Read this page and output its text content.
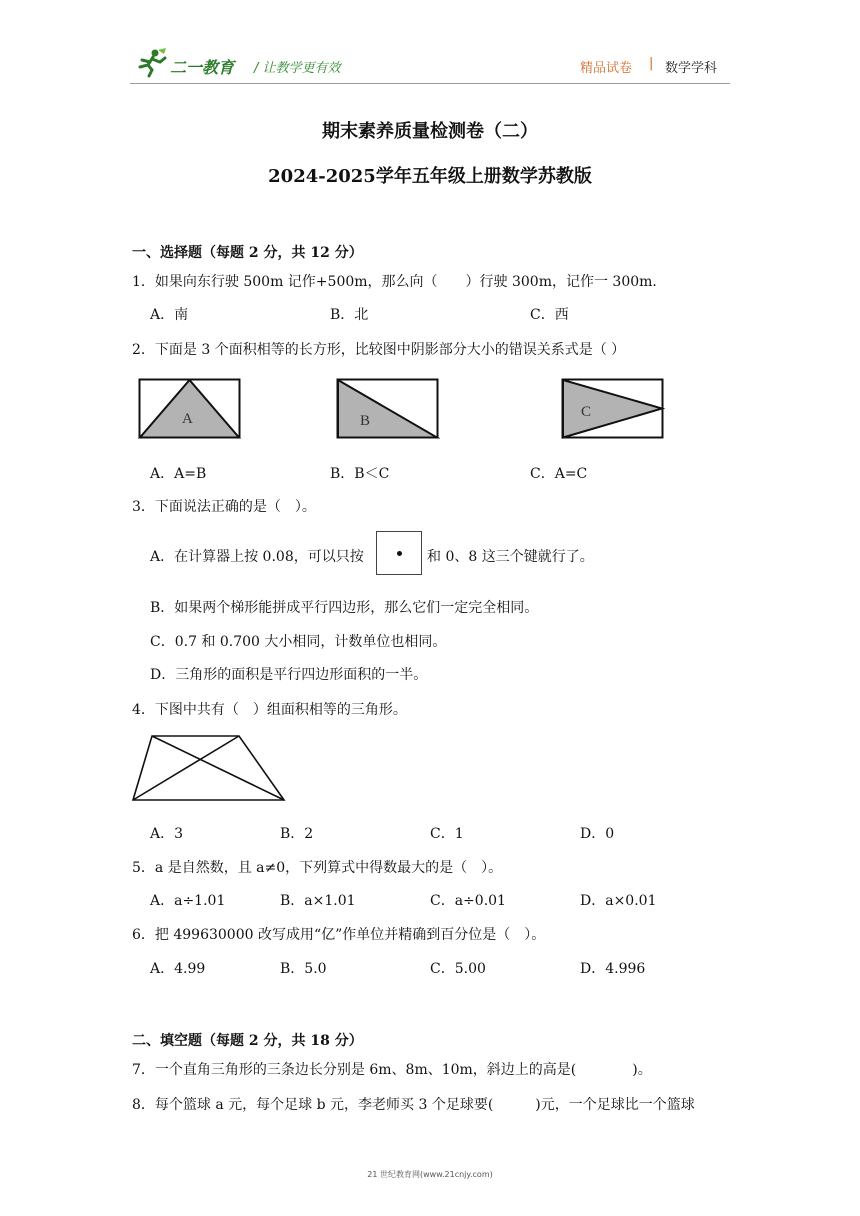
二一教育 / 让教学更有效	精品试卷 | 数学学科
期末素养质量检测卷（二）
2024-2025学年五年级上册数学苏教版
一、选择题（每题 2 分，共 12 分）
1．如果向东行驶 500m 记作+500m，那么向（　　）行驶 300m，记作一 300m．
A．南	B．北	C．西
2．下面是 3 个面积相等的长方形，比较图中阴影部分大小的错误关系式是（ ）
A	B
C
A．A=B	B．B＜C	C．A=C
3．下面说法正确的是（　）。
A．在计算器上按 0.08，可以只按	和 0、8 这三个键就行了。
B．如果两个梯形能拼成平行四边形，那么它们一定完全相同。
C．0.7 和 0.700 大小相同，计数单位也相同。
D．三角形的面积是平行四边形面积的一半。
4．下图中共有（　）组面积相等的三角形。
A．3	B．2	C．1	D．0
5．a 是自然数，且 a≠0，下列算式中得数最大的是（　）。
A．a÷1.01	B．a×1.01	C．a÷0.01	D．a×0.01
6．把 499630000 改写成用“亿”作单位并精确到百分位是（　）。
A．4.99	B．5.0	C．5.00	D．4.996
二、填空题（每题 2 分，共 18 分）
7．一个直角三角形的三条边长分别是 6m、8m、10m，斜边上的高是(　　　　)。
8．每个篮球 a 元，每个足球 b 元，李老师买 3 个足球要(　　　)元，一个足球比一个篮球
21 世纪教育网(www.21cnjy.com)
